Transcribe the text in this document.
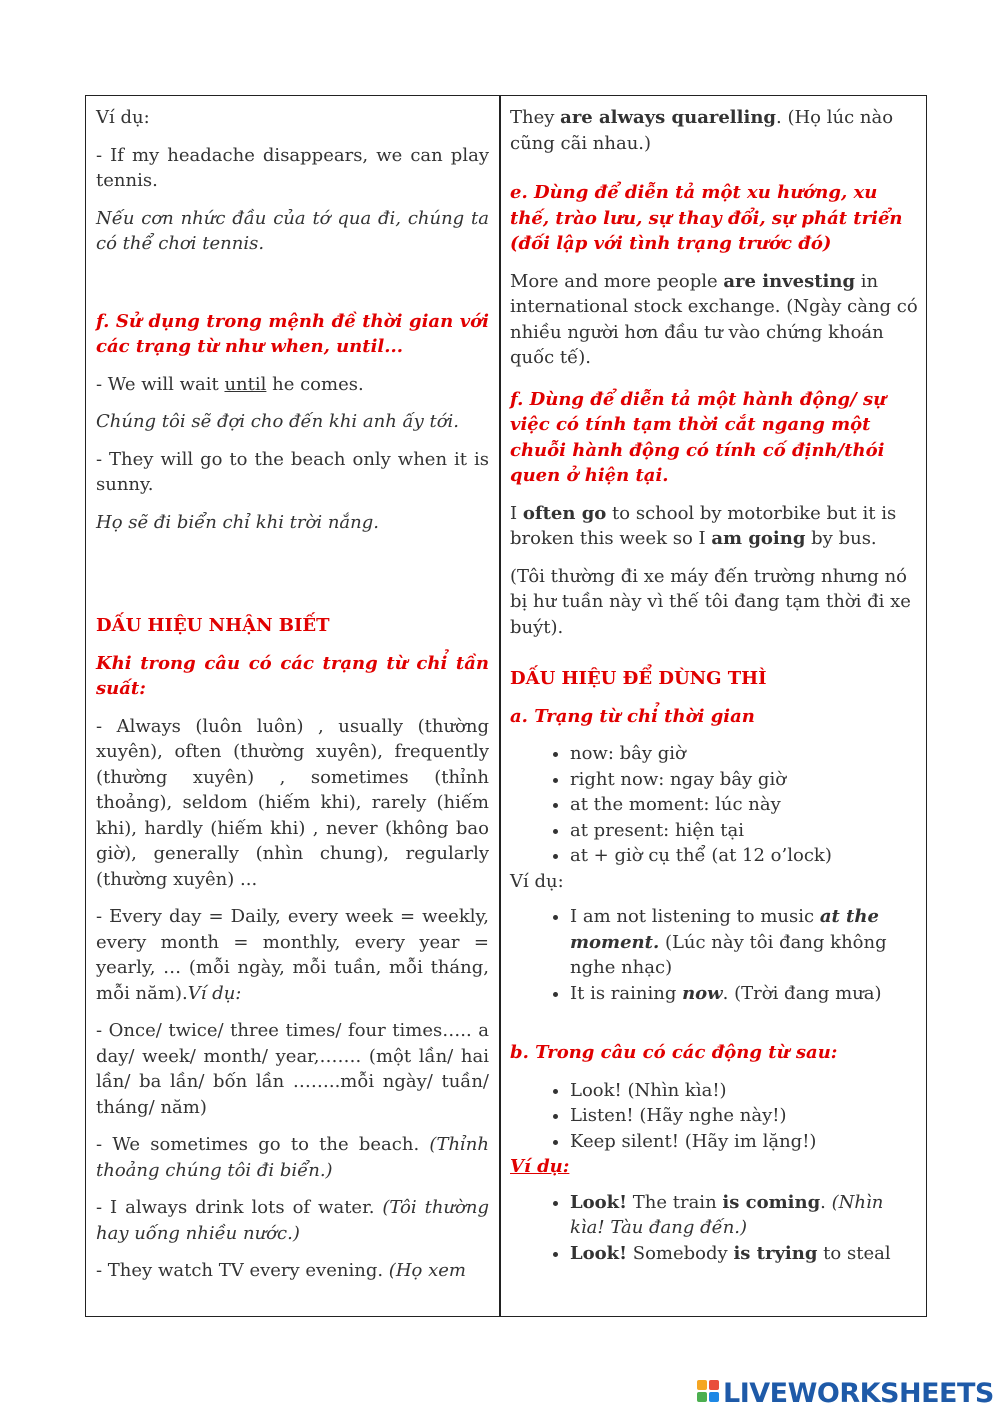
Ví dụ:

- If my headache disappears, we can play tennis.

Nếu cơn nhức đầu của tớ qua đi, chúng ta có thể chơi tennis.

f. Sử dụng trong mệnh đề thời gian với các trạng từ như when, until...

- We will wait until he comes.

Chúng tôi sẽ đợi cho đến khi anh ấy tới.

- They will go to the beach only when it is sunny.

Họ sẽ đi biển chỉ khi trời nắng.

DẤU HIỆU NHẬN BIẾT

Khi trong câu có các trạng từ chỉ tần suất:

- Always (luôn luôn) , usually (thường xuyên), often (thường xuyên), frequently (thường xuyên) , sometimes (thỉnh thoảng), seldom (hiếm khi), rarely (hiếm khi), hardly (hiếm khi) , never (không bao giờ), generally (nhìn chung), regularly (thường xuyên) ...

- Every day = Daily, every week = weekly, every month = monthly, every year = yearly, … (mỗi ngày, mỗi tuần, mỗi tháng, mỗi năm).Ví dụ:

- Once/ twice/ three times/ four times….. a day/ week/ month/ year,……. (một lần/ hai lần/ ba lần/ bốn lần ……..mỗi ngày/ tuần/ tháng/ năm)

- We sometimes go to the beach. (Thỉnh thoảng chúng tôi đi biển.)

- I always drink lots of water. (Tôi thường hay uống nhiều nước.)

- They watch TV every evening. (Họ xem

They are always quarelling. (Họ lúc nào cũng cãi nhau.)

e. Dùng để diễn tả một xu hướng, xu thế, trào lưu, sự thay đổi, sự phát triển (đối lập với tình trạng trước đó)

More and more people are investing in international stock exchange. (Ngày càng có nhiều người hơn đầu tư vào chứng khoán quốc tế).

f. Dùng để diễn tả một hành động/ sự việc có tính tạm thời cắt ngang một chuỗi hành động có tính cố định/thói quen ở hiện tại.

I often go to school by motorbike but it is broken this week so I am going by bus.

(Tôi thường đi xe máy đến trường nhưng nó bị hư tuần này vì thế tôi đang tạm thời đi xe buýt).

DẤU HIỆU ĐỂ DÙNG THÌ

a. Trạng từ chỉ thời gian

• now: bây giờ
• right now: ngay bây giờ
• at the moment: lúc này
• at present: hiện tại
• at + giờ cụ thể (at 12 o’lock)

Ví dụ:

• I am not listening to music at the moment. (Lúc này tôi đang không nghe nhạc)
• It is raining now. (Trời đang mưa)

b. Trong câu có các động từ sau:

• Look! (Nhìn kìa!)
• Listen! (Hãy nghe này!)
• Keep silent! (Hãy im lặng!)
Ví dụ:
• Look! The train is coming. (Nhìn kìa! Tàu đang đến.)
• Look! Somebody is trying to steal
LIVEWORKSHEETS
